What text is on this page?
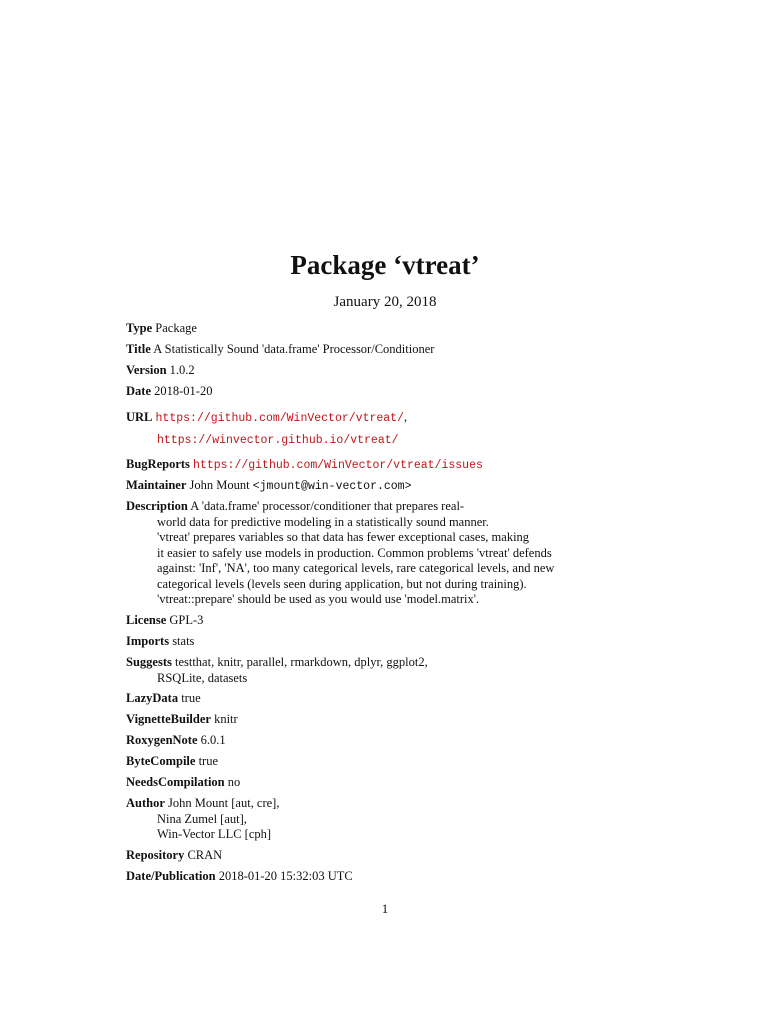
Package ‘vtreat’
January 20, 2018
Type Package
Title A Statistically Sound 'data.frame' Processor/Conditioner
Version 1.0.2
Date 2018-01-20
URL https://github.com/WinVector/vtreat/,
https://winvector.github.io/vtreat/
BugReports https://github.com/WinVector/vtreat/issues
Maintainer John Mount <jmount@win-vector.com>
Description A 'data.frame' processor/conditioner that prepares real-
world data for predictive modeling in a statistically sound manner.
'vtreat' prepares variables so that data has fewer exceptional cases, making
it easier to safely use models in production. Common problems 'vtreat' defends
against: 'Inf', 'NA', too many categorical levels, rare categorical levels, and new
categorical levels (levels seen during application, but not during training).
'vtreat::prepare' should be used as you would use 'model.matrix'.
License GPL-3
Imports stats
Suggests testthat, knitr, parallel, rmarkdown, dplyr, ggplot2,
RSQLite, datasets
LazyData true
VignetteBuilder knitr
RoxygenNote 6.0.1
ByteCompile true
NeedsCompilation no
Author John Mount [aut, cre],
Nina Zumel [aut],
Win-Vector LLC [cph]
Repository CRAN
Date/Publication 2018-01-20 15:32:03 UTC
1
